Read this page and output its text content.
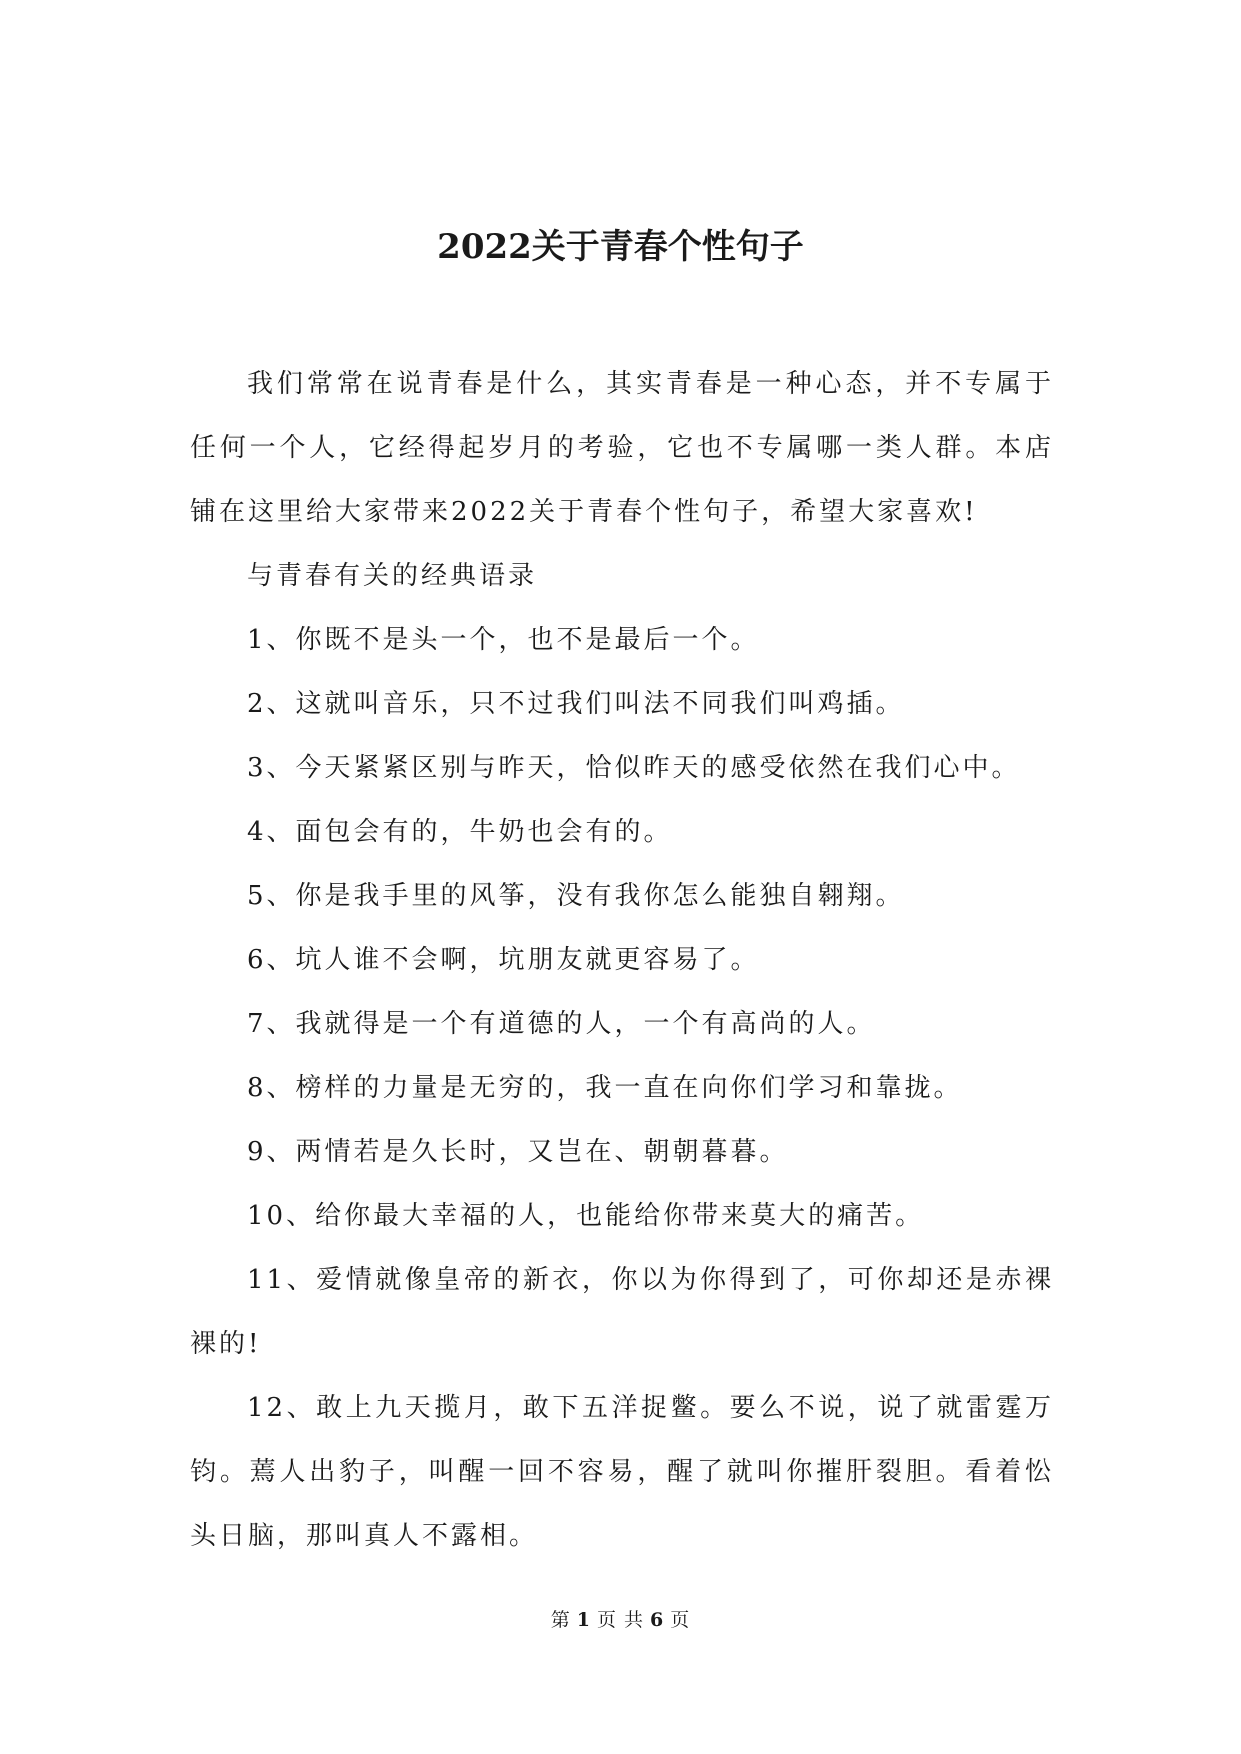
2022关于青春个性句子

我们常常在说青春是什么，其实青春是一种心态，并不专属于任何一个人，它经得起岁月的考验，它也不专属哪一类人群。本店铺在这里给大家带来2022关于青春个性句子，希望大家喜欢!

与青春有关的经典语录

1、你既不是头一个，也不是最后一个。

2、这就叫音乐，只不过我们叫法不同我们叫鸡插。

3、今天紧紧区别与昨天，恰似昨天的感受依然在我们心中。

4、面包会有的，牛奶也会有的。

5、你是我手里的风筝，没有我你怎么能独自翱翔。

6、坑人谁不会啊，坑朋友就更容易了。

7、我就得是一个有道德的人，一个有高尚的人。

8、榜样的力量是无穷的，我一直在向你们学习和靠拢。

9、两情若是久长时，又岂在、朝朝暮暮。

10、给你最大幸福的人，也能给你带来莫大的痛苦。

11、爱情就像皇帝的新衣，你以为你得到了，可你却还是赤裸裸的!

12、敢上九天揽月，敢下五洋捉鳖。要么不说，说了就雷霆万钧。蔫人出豹子，叫醒一回不容易，醒了就叫你摧肝裂胆。看着忪头日脑，那叫真人不露相。

第 1 页 共 6 页
